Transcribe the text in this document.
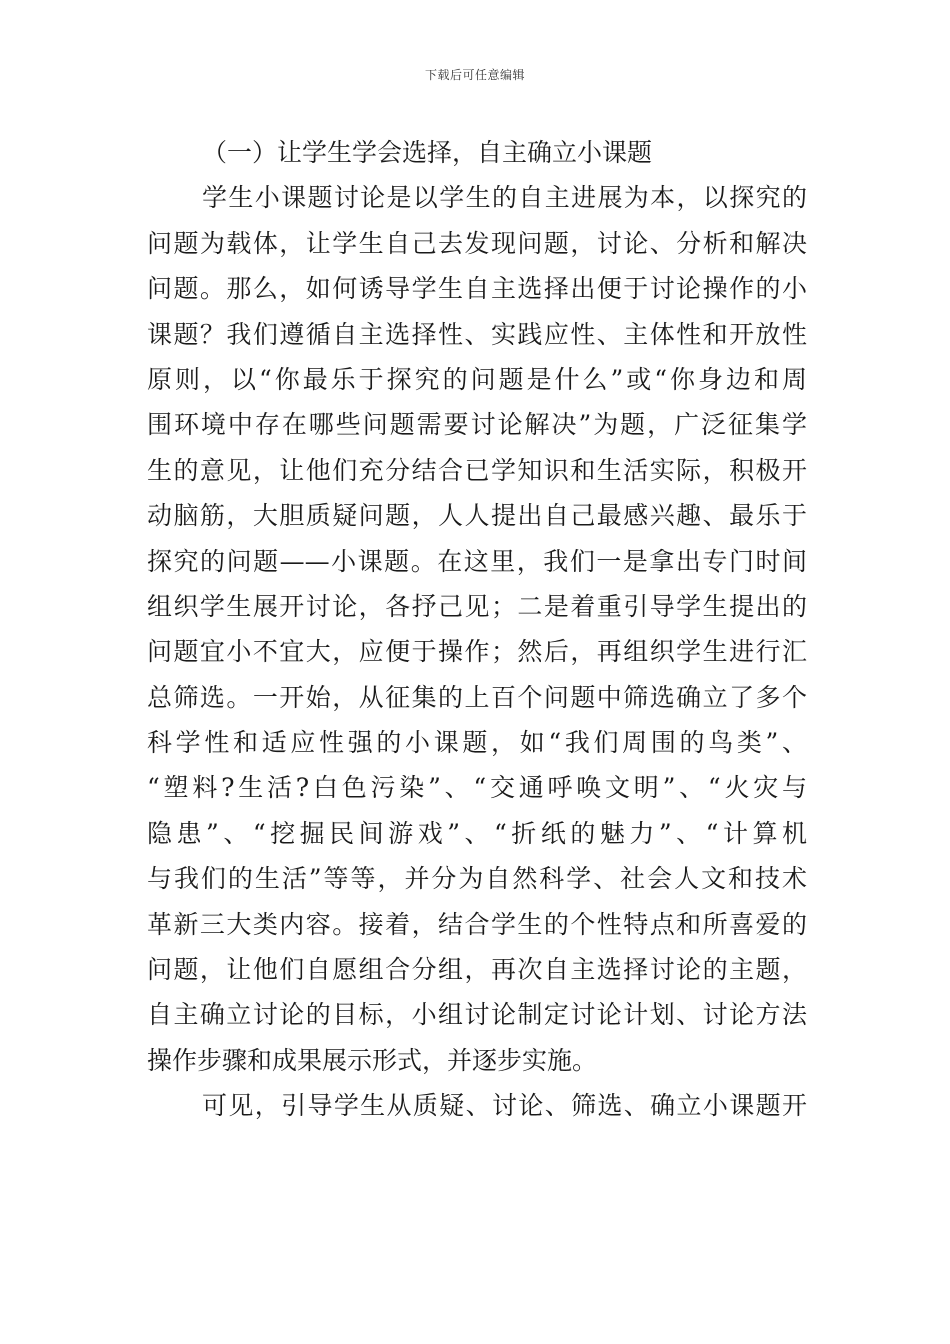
下载后可任意编辑
（一）让学生学会选择，自主确立小课题
学生小课题讨论是以学生的自主进展为本，以探究的
问题为载体，让学生自己去发现问题，讨论、分析和解决
问题。那么，如何诱导学生自主选择出便于讨论操作的小
课题？我们遵循自主选择性、实践应性、主体性和开放性
原则，以“你最乐于探究的问题是什么”或“你身边和周
围环境中存在哪些问题需要讨论解决”为题，广泛征集学
生的意见，让他们充分结合已学知识和生活实际，积极开
动脑筋，大胆质疑问题，人人提出自己最感兴趣、最乐于
探究的问题——小课题。在这里，我们一是拿出专门时间
组织学生展开讨论，各抒己见；二是着重引导学生提出的
问题宜小不宜大，应便于操作；然后，再组织学生进行汇
总筛选。一开始，从征集的上百个问题中筛选确立了多个
科学性和适应性强的小课题，如“我们周围的鸟类”、
“塑料?生活?白色污染”、“交通呼唤文明”、“火灾与
隐患”、“挖掘民间游戏”、“折纸的魅力”、“计算机
与我们的生活”等等，并分为自然科学、社会人文和技术
革新三大类内容。接着，结合学生的个性特点和所喜爱的
问题，让他们自愿组合分组，再次自主选择讨论的主题，
自主确立讨论的目标，小组讨论制定讨论计划、讨论方法
操作步骤和成果展示形式，并逐步实施。
可见，引导学生从质疑、讨论、筛选、确立小课题开
